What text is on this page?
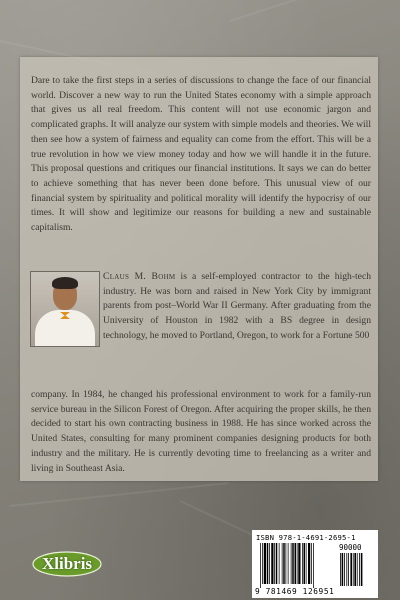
Dare to take the first steps in a series of discussions to change the face of our financial world. Discover a new way to run the United States economy with a simple approach that gives us all real freedom. This content will not use economic jargon and complicated graphs. It will analyze our system with simple models and theories. We will then see how a system of fairness and equality can come from the effort. This will be a true revolution in how we view money today and how we will handle it in the future. This proposal questions and critiques our financial institutions. It says we can do better to achieve something that has never been done before. This unusual view of our financial system by spirituality and political morality will identify the hypocrisy of our times. It will show and legitimize our reasons for building a new and sustainable capitalism.

Claus M. Bohm is a self-employed contractor to the high-tech industry. He was born and raised in New York City by immigrant parents from post–World War II Germany. After graduating from the University of Houston in 1982 with a BS degree in design technology, he moved to Portland, Oregon, to work for a Fortune 500

company. In 1984, he changed his professional environment to work for a family-run service bureau in the Silicon Forest of Oregon. After acquiring the proper skills, he then decided to start his own contracting business in 1988. He has since worked across the United States, consulting for many prominent companies designing products for both industry and the military. He is currently devoting time to freelancing as a writer and living in Southeast Asia.

Xlibris
ISBN 978-1-4691-2695-1
90000
9 781469 126951
